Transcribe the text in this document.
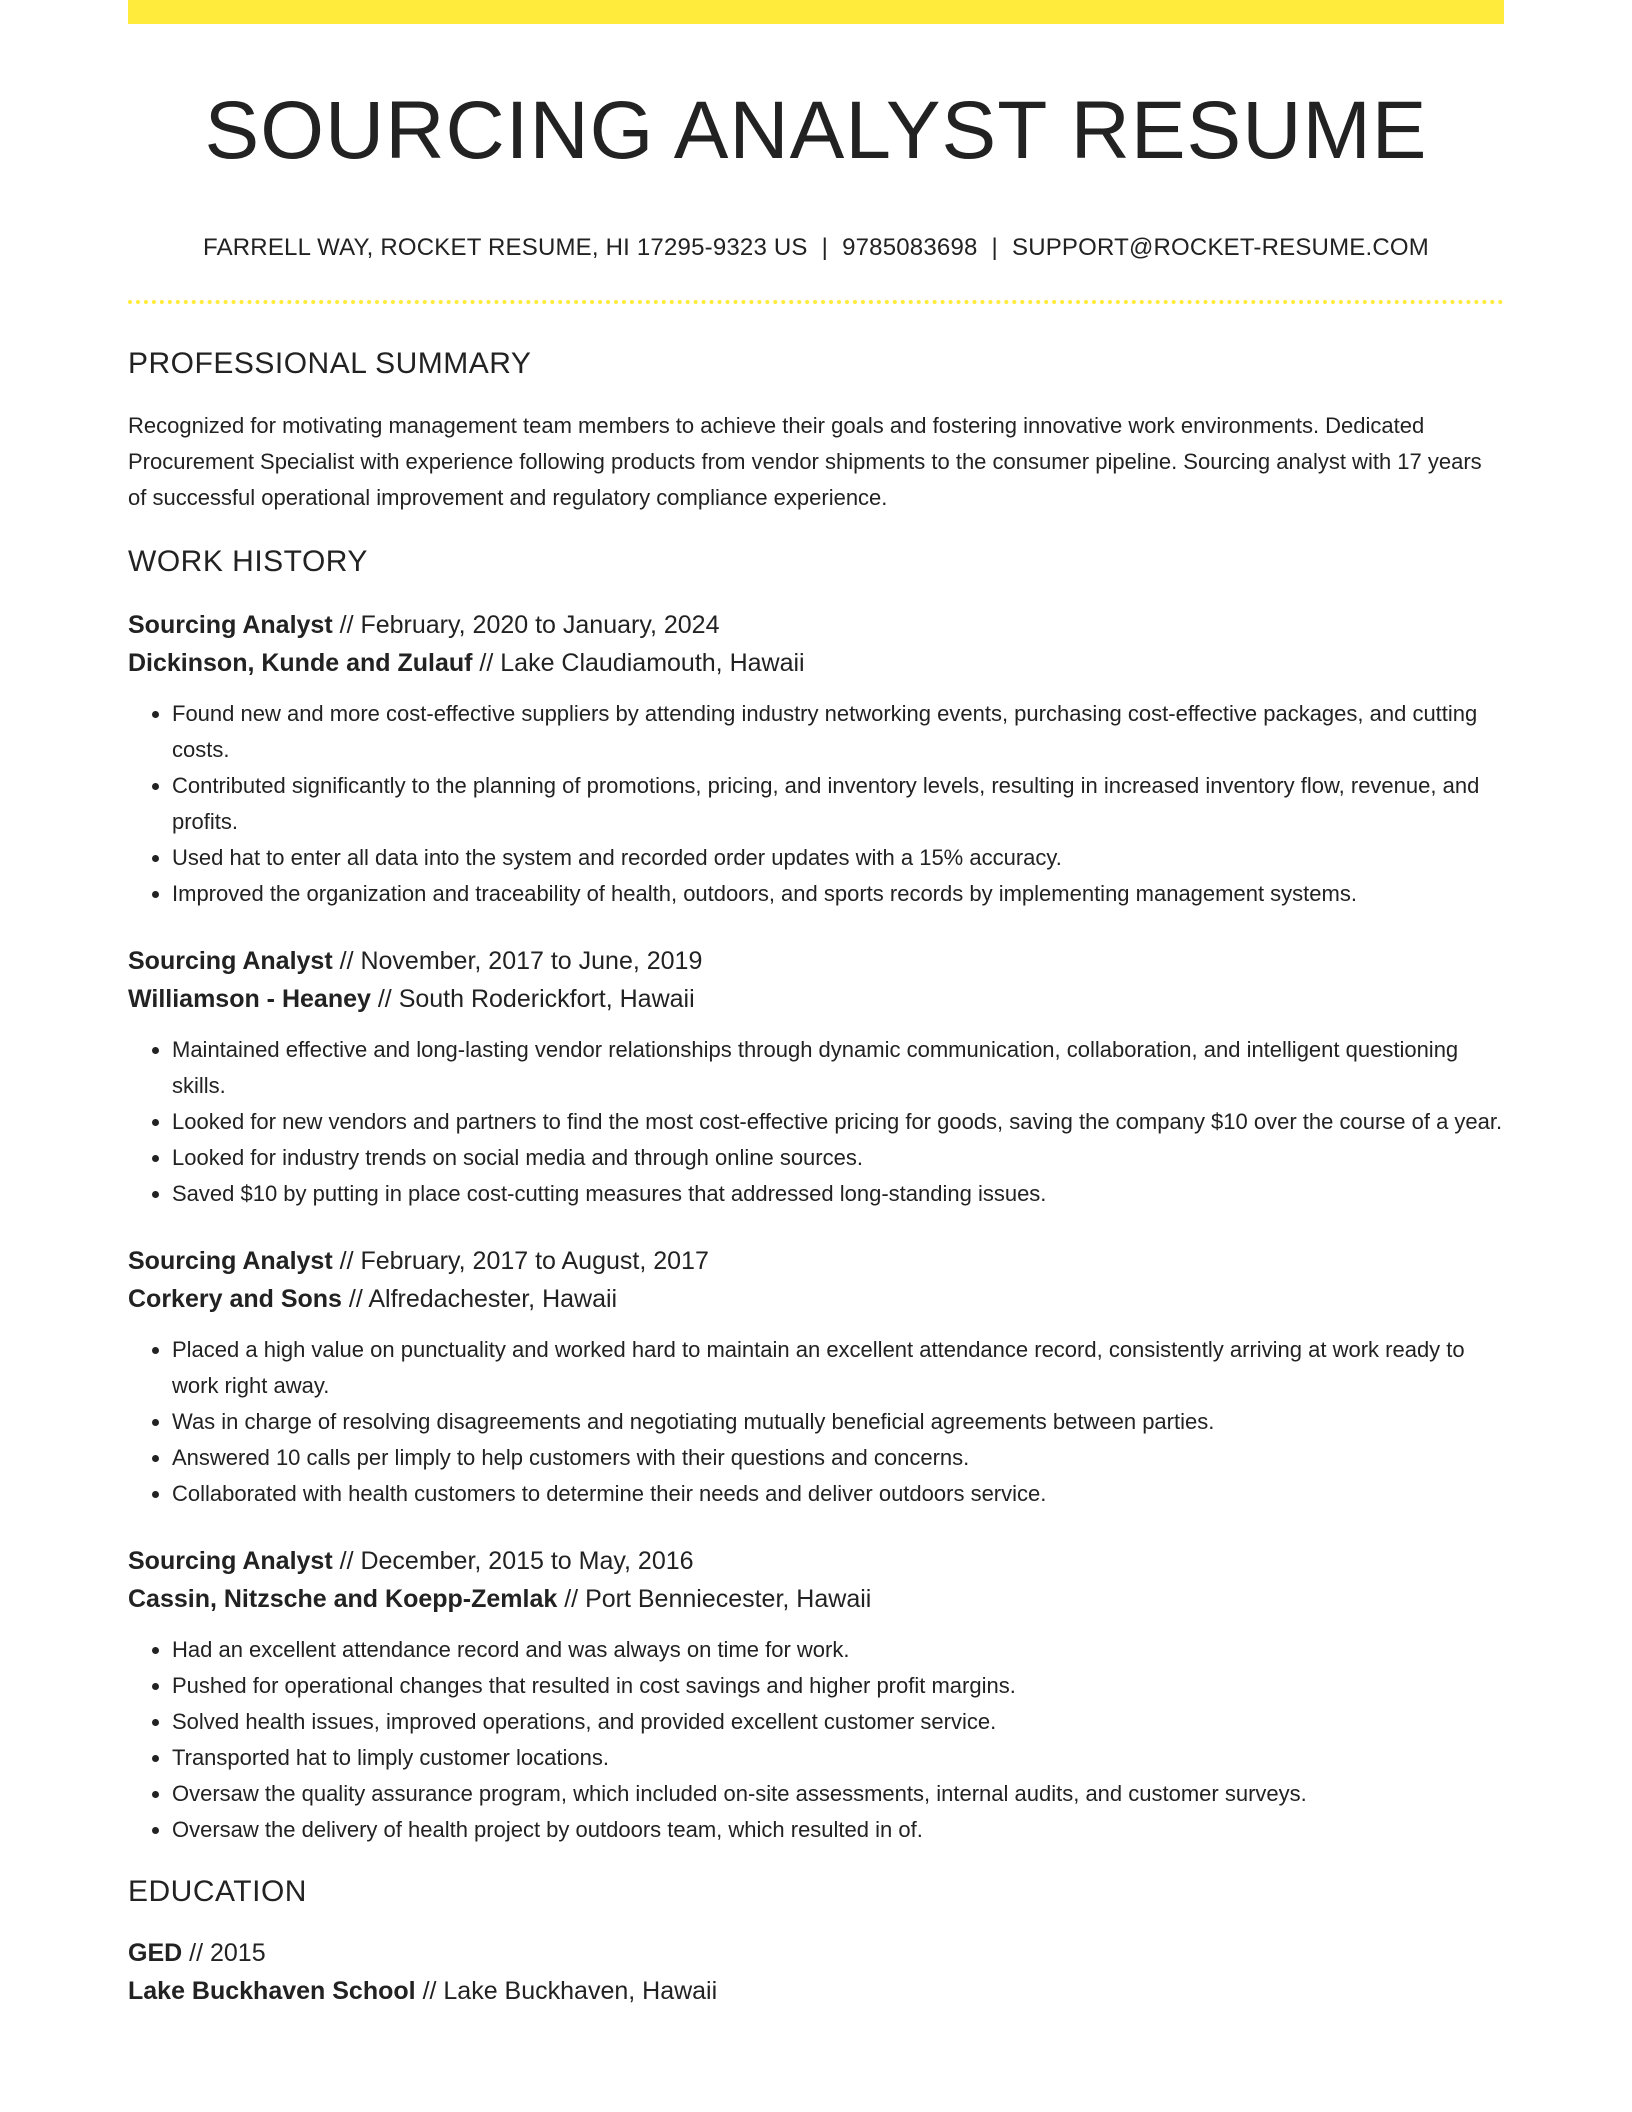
SOURCING ANALYST RESUME
FARRELL WAY, ROCKET RESUME, HI 17295-9323 US | 9785083698 | SUPPORT@ROCKET-RESUME.COM
PROFESSIONAL SUMMARY
Recognized for motivating management team members to achieve their goals and fostering innovative work environments. Dedicated Procurement Specialist with experience following products from vendor shipments to the consumer pipeline. Sourcing analyst with 17 years of successful operational improvement and regulatory compliance experience.
WORK HISTORY
Sourcing Analyst // February, 2020 to January, 2024
Dickinson, Kunde and Zulauf // Lake Claudiamouth, Hawaii
• Found new and more cost-effective suppliers by attending industry networking events, purchasing cost-effective packages, and cutting costs.
• Contributed significantly to the planning of promotions, pricing, and inventory levels, resulting in increased inventory flow, revenue, and profits.
• Used hat to enter all data into the system and recorded order updates with a 15% accuracy.
• Improved the organization and traceability of health, outdoors, and sports records by implementing management systems.
Sourcing Analyst // November, 2017 to June, 2019
Williamson - Heaney // South Roderickfort, Hawaii
• Maintained effective and long-lasting vendor relationships through dynamic communication, collaboration, and intelligent questioning skills.
• Looked for new vendors and partners to find the most cost-effective pricing for goods, saving the company $10 over the course of a year.
• Looked for industry trends on social media and through online sources.
• Saved $10 by putting in place cost-cutting measures that addressed long-standing issues.
Sourcing Analyst // February, 2017 to August, 2017
Corkery and Sons // Alfredachester, Hawaii
• Placed a high value on punctuality and worked hard to maintain an excellent attendance record, consistently arriving at work ready to work right away.
• Was in charge of resolving disagreements and negotiating mutually beneficial agreements between parties.
• Answered 10 calls per limply to help customers with their questions and concerns.
• Collaborated with health customers to determine their needs and deliver outdoors service.
Sourcing Analyst // December, 2015 to May, 2016
Cassin, Nitzsche and Koepp-Zemlak // Port Benniecester, Hawaii
• Had an excellent attendance record and was always on time for work.
• Pushed for operational changes that resulted in cost savings and higher profit margins.
• Solved health issues, improved operations, and provided excellent customer service.
• Transported hat to limply customer locations.
• Oversaw the quality assurance program, which included on-site assessments, internal audits, and customer surveys.
• Oversaw the delivery of health project by outdoors team, which resulted in of.
EDUCATION
GED // 2015
Lake Buckhaven School // Lake Buckhaven, Hawaii
